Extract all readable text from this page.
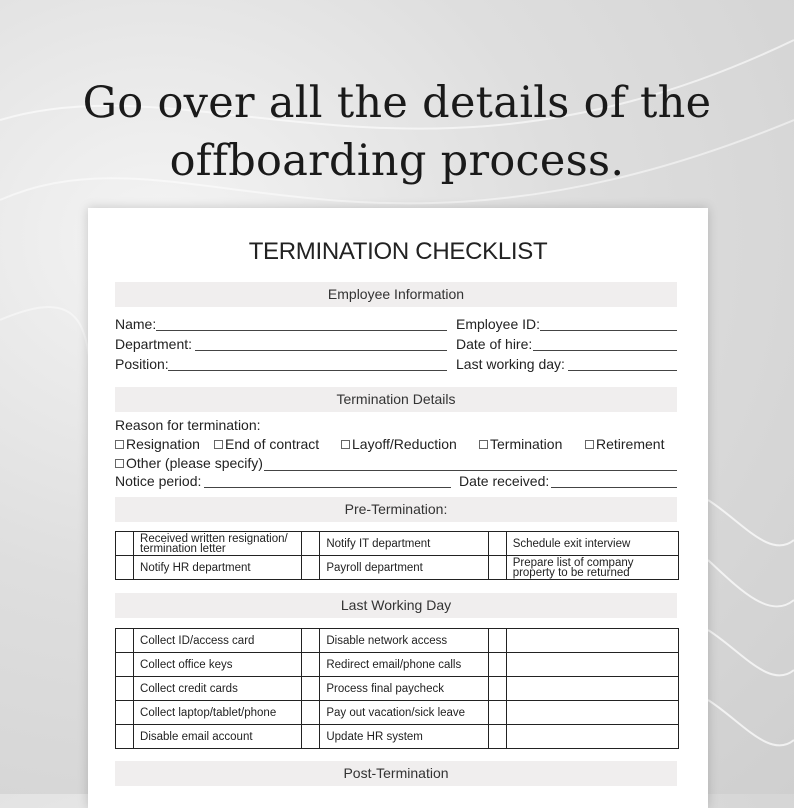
Go over all the details of the
offboarding process.
TERMINATION CHECKLIST
Employee Information
Name:	Employee ID:
Department:	Date of hire:
Position:	Last working day:
Termination Details
Reason for termination:
Resignation End of contract Layoff/Reduction Termination Retirement
Other (please specify)
Notice period:	Date received:
Pre-Termination:
	Received written resignation/ termination letter		Notify IT department		Schedule exit interview
	Notify HR department		Payroll department		Prepare list of company property to be returned
Last Working Day
	Collect ID/access card		Disable network access		
	Collect office keys		Redirect email/phone calls		
	Collect credit cards		Process final paycheck		
	Collect laptop/tablet/phone		Pay out vacation/sick leave		
	Disable email account		Update HR system		
Post-Termination
